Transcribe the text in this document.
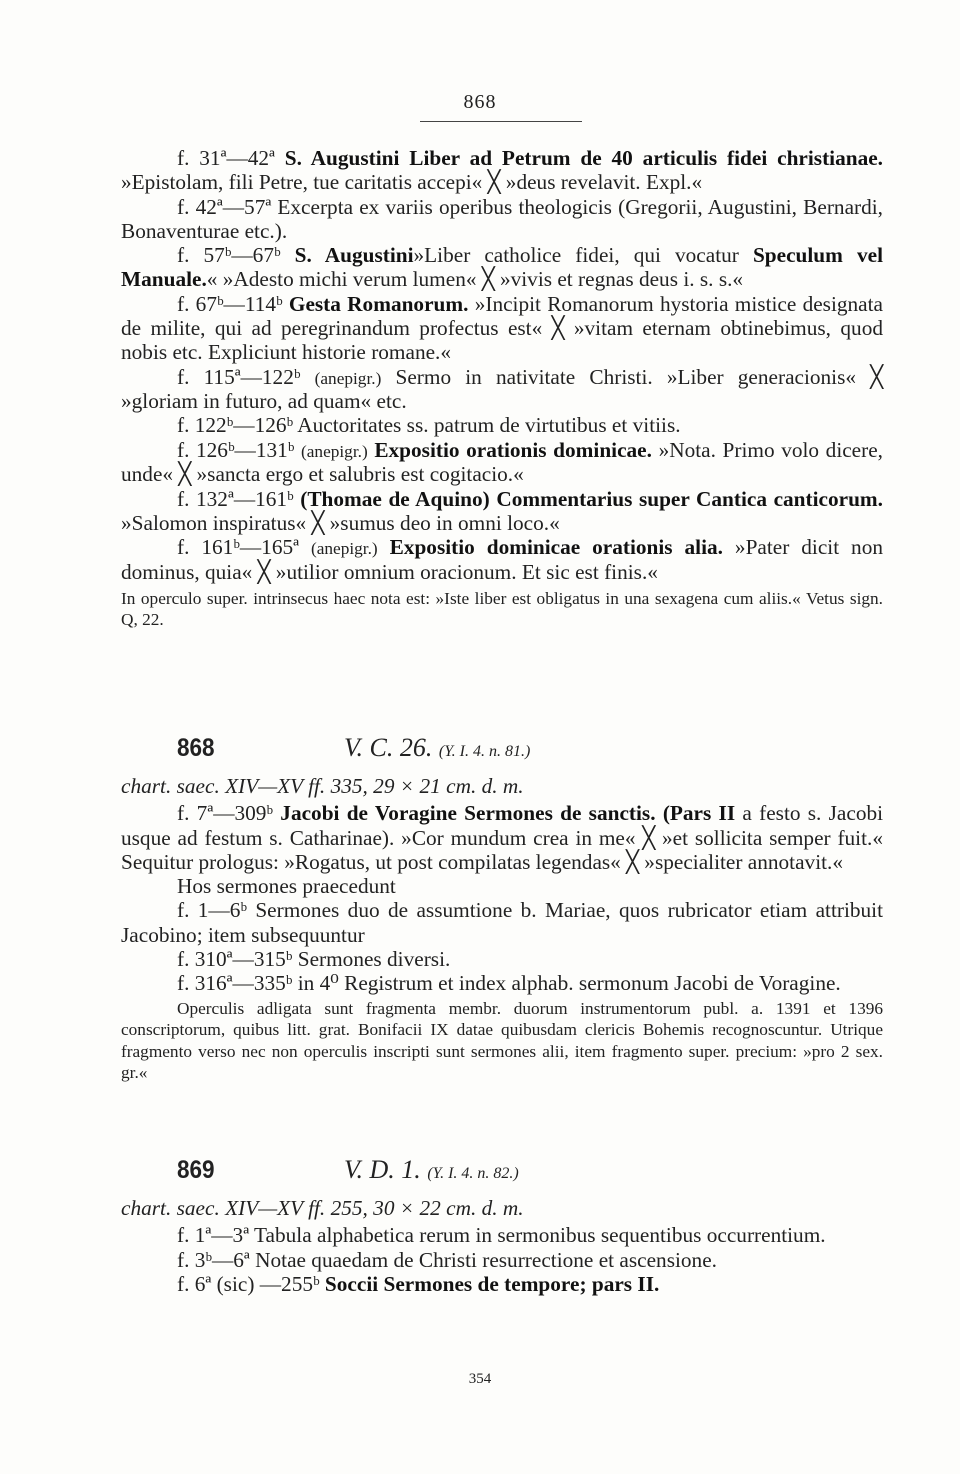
868

f. 31ª—42ª S. Augustini Liber ad Petrum de 40 articulis fidei christianae. »Epistolam, fili Petre, tue caritatis accepi« ╳ »deus revelavit. Expl.«

f. 42ª—57ª Excerpta ex variis operibus theologicis (Gregorii, Augustini, Bernardi, Bonaventurae etc.).

f. 57ᵇ—67ᵇ S. Augustini»Liber catholice fidei, qui vocatur Speculum vel Manuale.« »Adesto michi verum lumen« ╳ »vivis et regnas deus i. s. s.«

f. 67ᵇ—114ᵇ Gesta Romanorum. »Incipit Romanorum hystoria mistice designata de milite, qui ad peregrinandum profectus est« ╳ »vitam eternam obtinebimus, quod nobis etc. Expliciunt historie romane.«

f. 115ª—122ᵇ (anepigr.) Sermo in nativitate Christi. »Liber generacionis« ╳ »gloriam in futuro, ad quam« etc.

f. 122ᵇ—126ᵇ Auctoritates ss. patrum de virtutibus et vitiis.

f. 126ᵇ—131ᵇ (anepigr.) Expositio orationis dominicae. »Nota. Primo volo dicere, unde« ╳ »sancta ergo et salubris est cogitacio.«

f. 132ª—161ᵇ (Thomae de Aquino) Commentarius super Cantica canticorum. »Salomon inspiratus« ╳ »sumus deo in omni loco.«

f. 161ᵇ—165ª (anepigr.) Expositio dominicae orationis alia. »Pater dicit non dominus, quia« ╳ »utilior omnium oracionum. Et sic est finis.«

In operculo super. intrinsecus haec nota est: »Iste liber est obligatus in una sexagena cum aliis.« Vetus sign. Q, 22.

868	V. C. 26. (Y. I. 4. n. 81.)

chart. saec. XIV—XV ff. 335, 29 × 21 cm. d. m.

f. 7ª—309ᵇ Jacobi de Voragine Sermones de sanctis. (Pars II a festo s. Jacobi usque ad festum s. Catharinae). »Cor mundum crea in me« ╳ »et sollicita semper fuit.« Sequitur prologus: »Rogatus, ut post compilatas legendas« ╳ »specialiter annotavit.«

Hos sermones praecedunt

f. 1—6ᵇ Sermones duo de assumtione b. Mariae, quos rubricator etiam attribuit Jacobino; item subsequuntur

f. 310ª—315ᵇ Sermones diversi.

f. 316ª—335ᵇ in 4⁰ Registrum et index alphab. sermonum Jacobi de Voragine.

Operculis adligata sunt fragmenta membr. duorum instrumentorum publ. a. 1391 et 1396 conscriptorum, quibus litt. grat. Bonifacii IX datae quibusdam clericis Bohemis recognoscuntur. Utrique fragmento verso nec non operculis inscripti sunt sermones alii, item fragmento super. precium: »pro 2 sex. gr.«

869	V. D. 1. (Y. I. 4. n. 82.)

chart. saec. XIV—XV ff. 255, 30 × 22 cm. d. m.

f. 1ª—3ª Tabula alphabetica rerum in sermonibus sequentibus occurrentium.

f. 3ᵇ—6ª Notae quaedam de Christi resurrectione et ascensione.

f. 6ª (sic) —255ᵇ Soccii Sermones de tempore; pars II.

354
